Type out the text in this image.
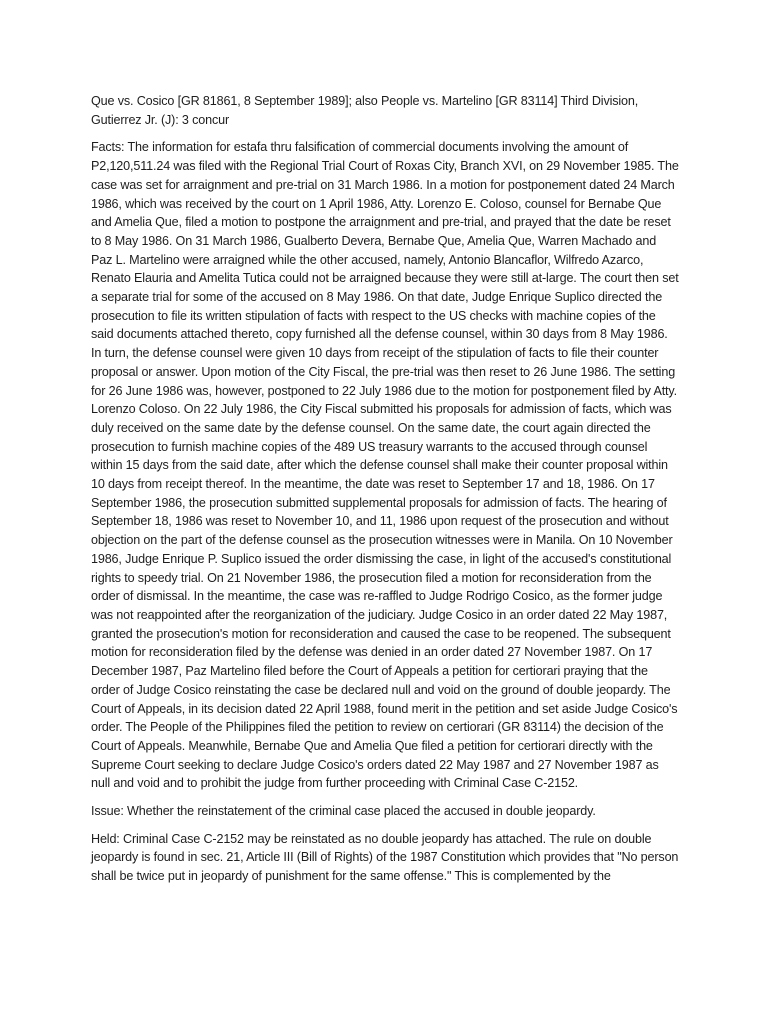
Que vs. Cosico [GR 81861, 8 September 1989]; also People vs. Martelino [GR 83114] Third Division, Gutierrez Jr. (J): 3 concur

Facts: The information for estafa thru falsification of commercial documents involving the amount of P2,120,511.24 was filed with the Regional Trial Court of Roxas City, Branch XVI, on 29 November 1985. The case was set for arraignment and pre-trial on 31 March 1986. In a motion for postponement dated 24 March 1986, which was received by the court on 1 April 1986, Atty. Lorenzo E. Coloso, counsel for Bernabe Que and Amelia Que, filed a motion to postpone the arraignment and pre-trial, and prayed that the date be reset to 8 May 1986. On 31 March 1986, Gualberto Devera, Bernabe Que, Amelia Que, Warren Machado and Paz L. Martelino were arraigned while the other accused, namely, Antonio Blancaflor, Wilfredo Azarco, Renato Elauria and Amelita Tutica could not be arraigned because they were still at-large. The court then set a separate trial for some of the accused on 8 May 1986. On that date, Judge Enrique Suplico directed the prosecution to file its written stipulation of facts with respect to the US checks with machine copies of the said documents attached thereto, copy furnished all the defense counsel, within 30 days from 8 May 1986. In turn, the defense counsel were given 10 days from receipt of the stipulation of facts to file their counter proposal or answer. Upon motion of the City Fiscal, the pre-trial was then reset to 26 June 1986. The setting for 26 June 1986 was, however, postponed to 22 July 1986 due to the motion for postponement filed by Atty. Lorenzo Coloso. On 22 July 1986, the City Fiscal submitted his proposals for admission of facts, which was duly received on the same date by the defense counsel. On the same date, the court again directed the prosecution to furnish machine copies of the 489 US treasury warrants to the accused through counsel within 15 days from the said date, after which the defense counsel shall make their counter proposal within 10 days from receipt thereof. In the meantime, the date was reset to September 17 and 18, 1986. On 17 September 1986, the prosecution submitted supplemental proposals for admission of facts. The hearing of September 18, 1986 was reset to November 10, and 11, 1986 upon request of the prosecution and without objection on the part of the defense counsel as the prosecution witnesses were in Manila. On 10 November 1986, Judge Enrique P. Suplico issued the order dismissing the case, in light of the accused's constitutional rights to speedy trial. On 21 November 1986, the prosecution filed a motion for reconsideration from the order of dismissal. In the meantime, the case was re-raffled to Judge Rodrigo Cosico, as the former judge was not reappointed after the reorganization of the judiciary. Judge Cosico in an order dated 22 May 1987, granted the prosecution's motion for reconsideration and caused the case to be reopened. The subsequent motion for reconsideration filed by the defense was denied in an order dated 27 November 1987. On 17 December 1987, Paz Martelino filed before the Court of Appeals a petition for certiorari praying that the order of Judge Cosico reinstating the case be declared null and void on the ground of double jeopardy. The Court of Appeals, in its decision dated 22 April 1988, found merit in the petition and set aside Judge Cosico's order. The People of the Philippines filed the petition to review on certiorari (GR 83114) the decision of the Court of Appeals. Meanwhile, Bernabe Que and Amelia Que filed a petition for certiorari directly with the Supreme Court seeking to declare Judge Cosico's orders dated 22 May 1987 and 27 November 1987 as null and void and to prohibit the judge from further proceeding with Criminal Case C-2152.

Issue: Whether the reinstatement of the criminal case placed the accused in double jeopardy.

Held: Criminal Case C-2152 may be reinstated as no double jeopardy has attached. The rule on double jeopardy is found in sec. 21, Article III (Bill of Rights) of the 1987 Constitution which provides that "No person shall be twice put in jeopardy of punishment for the same offense." This is complemented by the
